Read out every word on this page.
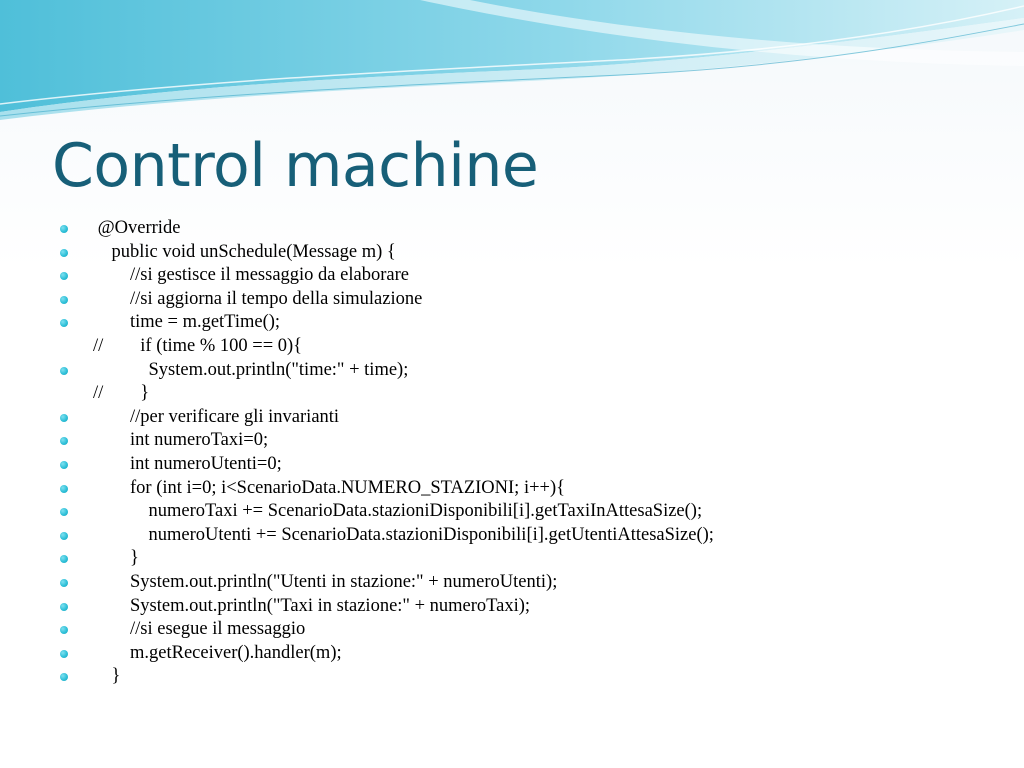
Control machine
@Override
public void unSchedule(Message m) {
//si gestisce il messaggio da elaborare
//si aggiorna il tempo della simulazione
time = m.getTime();
//        if (time % 100 == 0){
System.out.println("time:" + time);
//        }
//per verificare gli invarianti
int numeroTaxi=0;
int numeroUtenti=0;
for (int i=0; i<ScenarioData.NUMERO_STAZIONI; i++){
numeroTaxi += ScenarioData.stazioniDisponibili[i].getTaxiInAttesaSize();
numeroUtenti += ScenarioData.stazioniDisponibili[i].getUtentiAttesaSize();
}
System.out.println("Utenti in stazione:" + numeroUtenti);
System.out.println("Taxi in stazione:" + numeroTaxi);
//si esegue il messaggio
m.getReceiver().handler(m);
}
